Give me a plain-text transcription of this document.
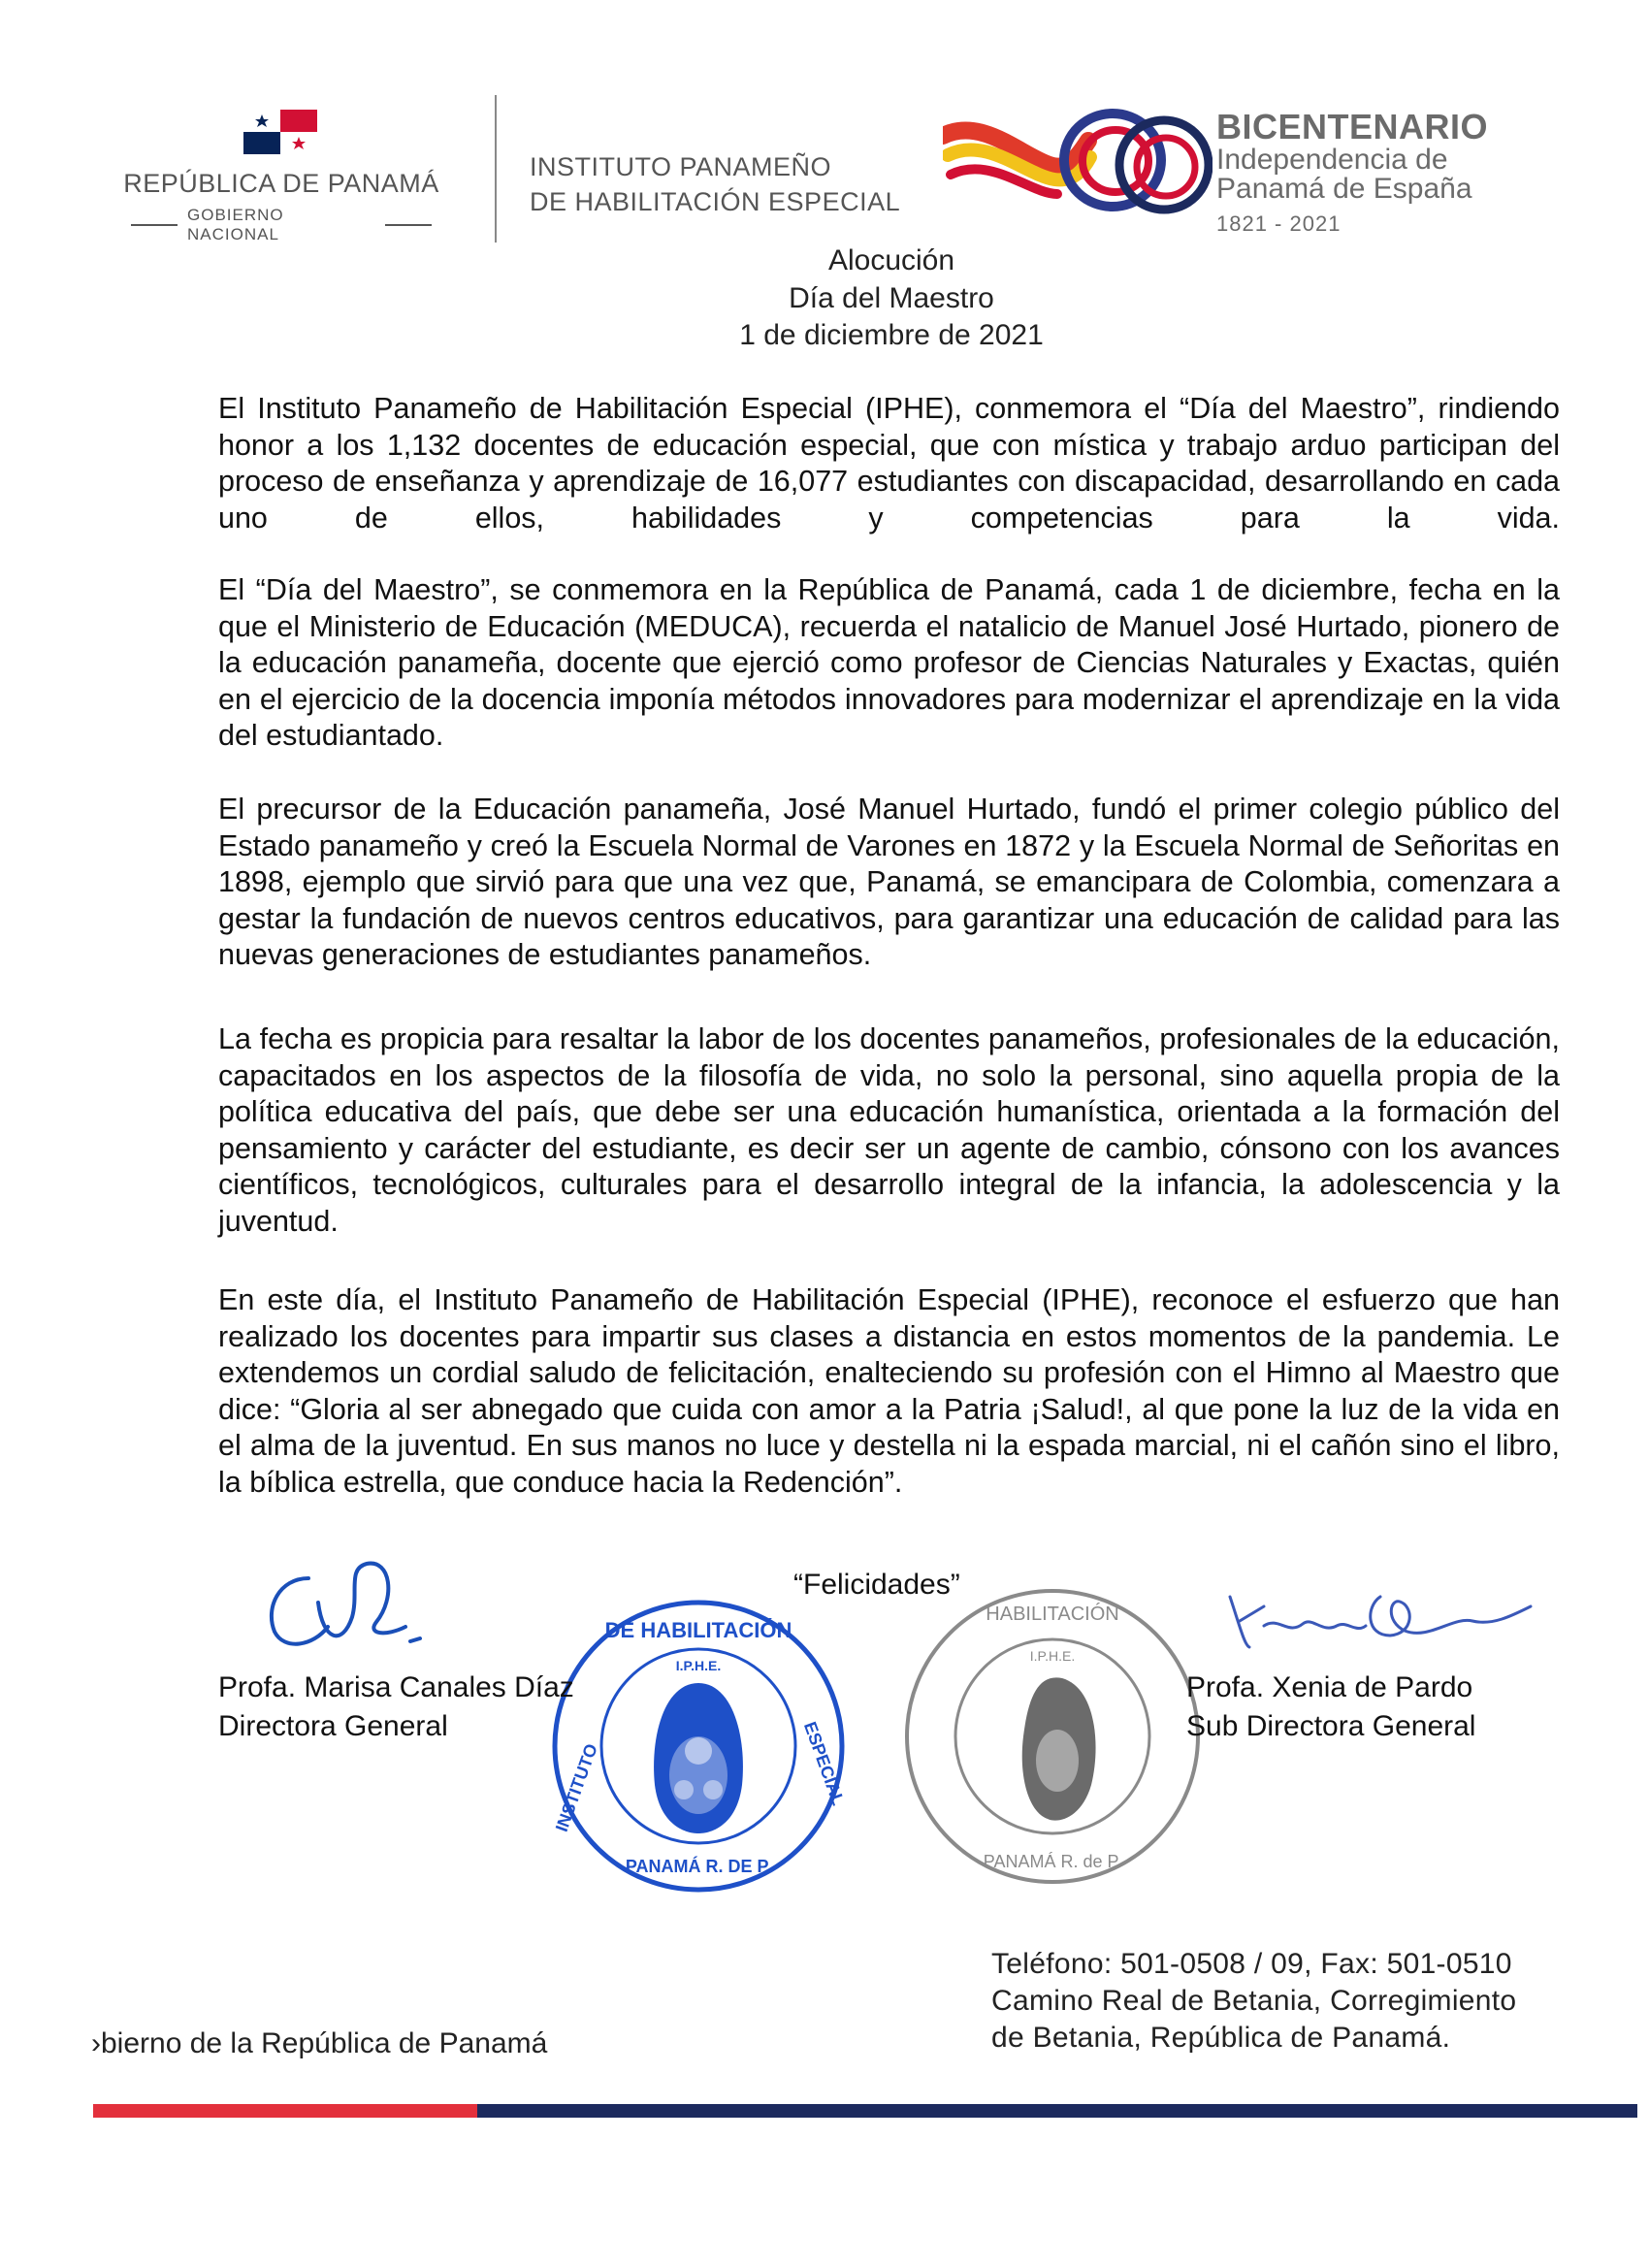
REPÚBLICA DE PANAMÁ
GOBIERNO NACIONAL
INSTITUTO PANAMEÑO
DE HABILITACIÓN ESPECIAL
BICENTENARIO
Independencia de
Panamá de España
1821 - 2021
Alocución
Día del Maestro
1 de diciembre de 2021
El Instituto Panameño de Habilitación Especial (IPHE), conmemora el “Día del Maestro”, rindiendo honor a los 1,132 docentes de educación especial, que con mística y trabajo arduo participan del proceso de enseñanza y aprendizaje de 16,077 estudiantes con discapacidad, desarrollando en cada uno de ellos, habilidades y competencias para la vida.
El “Día del Maestro”, se conmemora en la República de Panamá, cada 1 de diciembre, fecha en la que el Ministerio de Educación (MEDUCA), recuerda el natalicio de Manuel José Hurtado, pionero de la educación panameña, docente que ejerció como profesor de Ciencias Naturales y Exactas, quién en el ejercicio de la docencia imponía métodos innovadores para modernizar el aprendizaje en la vida del estudiantado.
El precursor de la Educación panameña, José Manuel Hurtado, fundó el primer colegio público del Estado panameño y creó la Escuela Normal de Varones en 1872 y la Escuela Normal de Señoritas en 1898, ejemplo que sirvió para que una vez que, Panamá, se emancipara de Colombia, comenzara a gestar la fundación de nuevos centros educativos, para garantizar una educación de calidad para las nuevas generaciones de estudiantes panameños.
La fecha es propicia para resaltar la labor de los docentes panameños, profesionales de la educación, capacitados en los aspectos de la filosofía de vida, no solo la personal, sino aquella propia de la política educativa del país, que debe ser una educación humanística, orientada a la formación del pensamiento y carácter del estudiante, es decir ser un agente de cambio, cónsono con los avances científicos, tecnológicos, culturales para el desarrollo integral de la infancia, la adolescencia y la juventud.
En este día, el Instituto Panameño de Habilitación Especial (IPHE), reconoce el esfuerzo que han realizado los docentes para impartir sus clases a distancia en estos momentos de la pandemia. Le extendemos un cordial saludo de felicitación, enalteciendo su profesión con el Himno al Maestro que dice: “Gloria al ser abnegado que cuida con amor a la Patria ¡Salud!, al que pone la luz de la vida en el alma de la juventud. En sus manos no luce y destella ni la espada marcial, ni el cañón sino el libro, la bíblica estrella, que conduce hacia la Redención”.
“Felicidades”
DE HABILITACIÓN
I.P.H.E.
PANAMÁ R. DE P.
INSTITUTO	ESPECIAL
HABILITACIÓN
I.P.H.E.
PANAMÁ R. de P.
Profa. Marisa Canales Díaz
Directora General
Profa. Xenia de Pardo
Sub Directora General
›bierno de la República de Panamá
Teléfono: 501-0508 / 09, Fax: 501-0510
Camino Real de Betania, Corregimiento
de Betania, República de Panamá.
